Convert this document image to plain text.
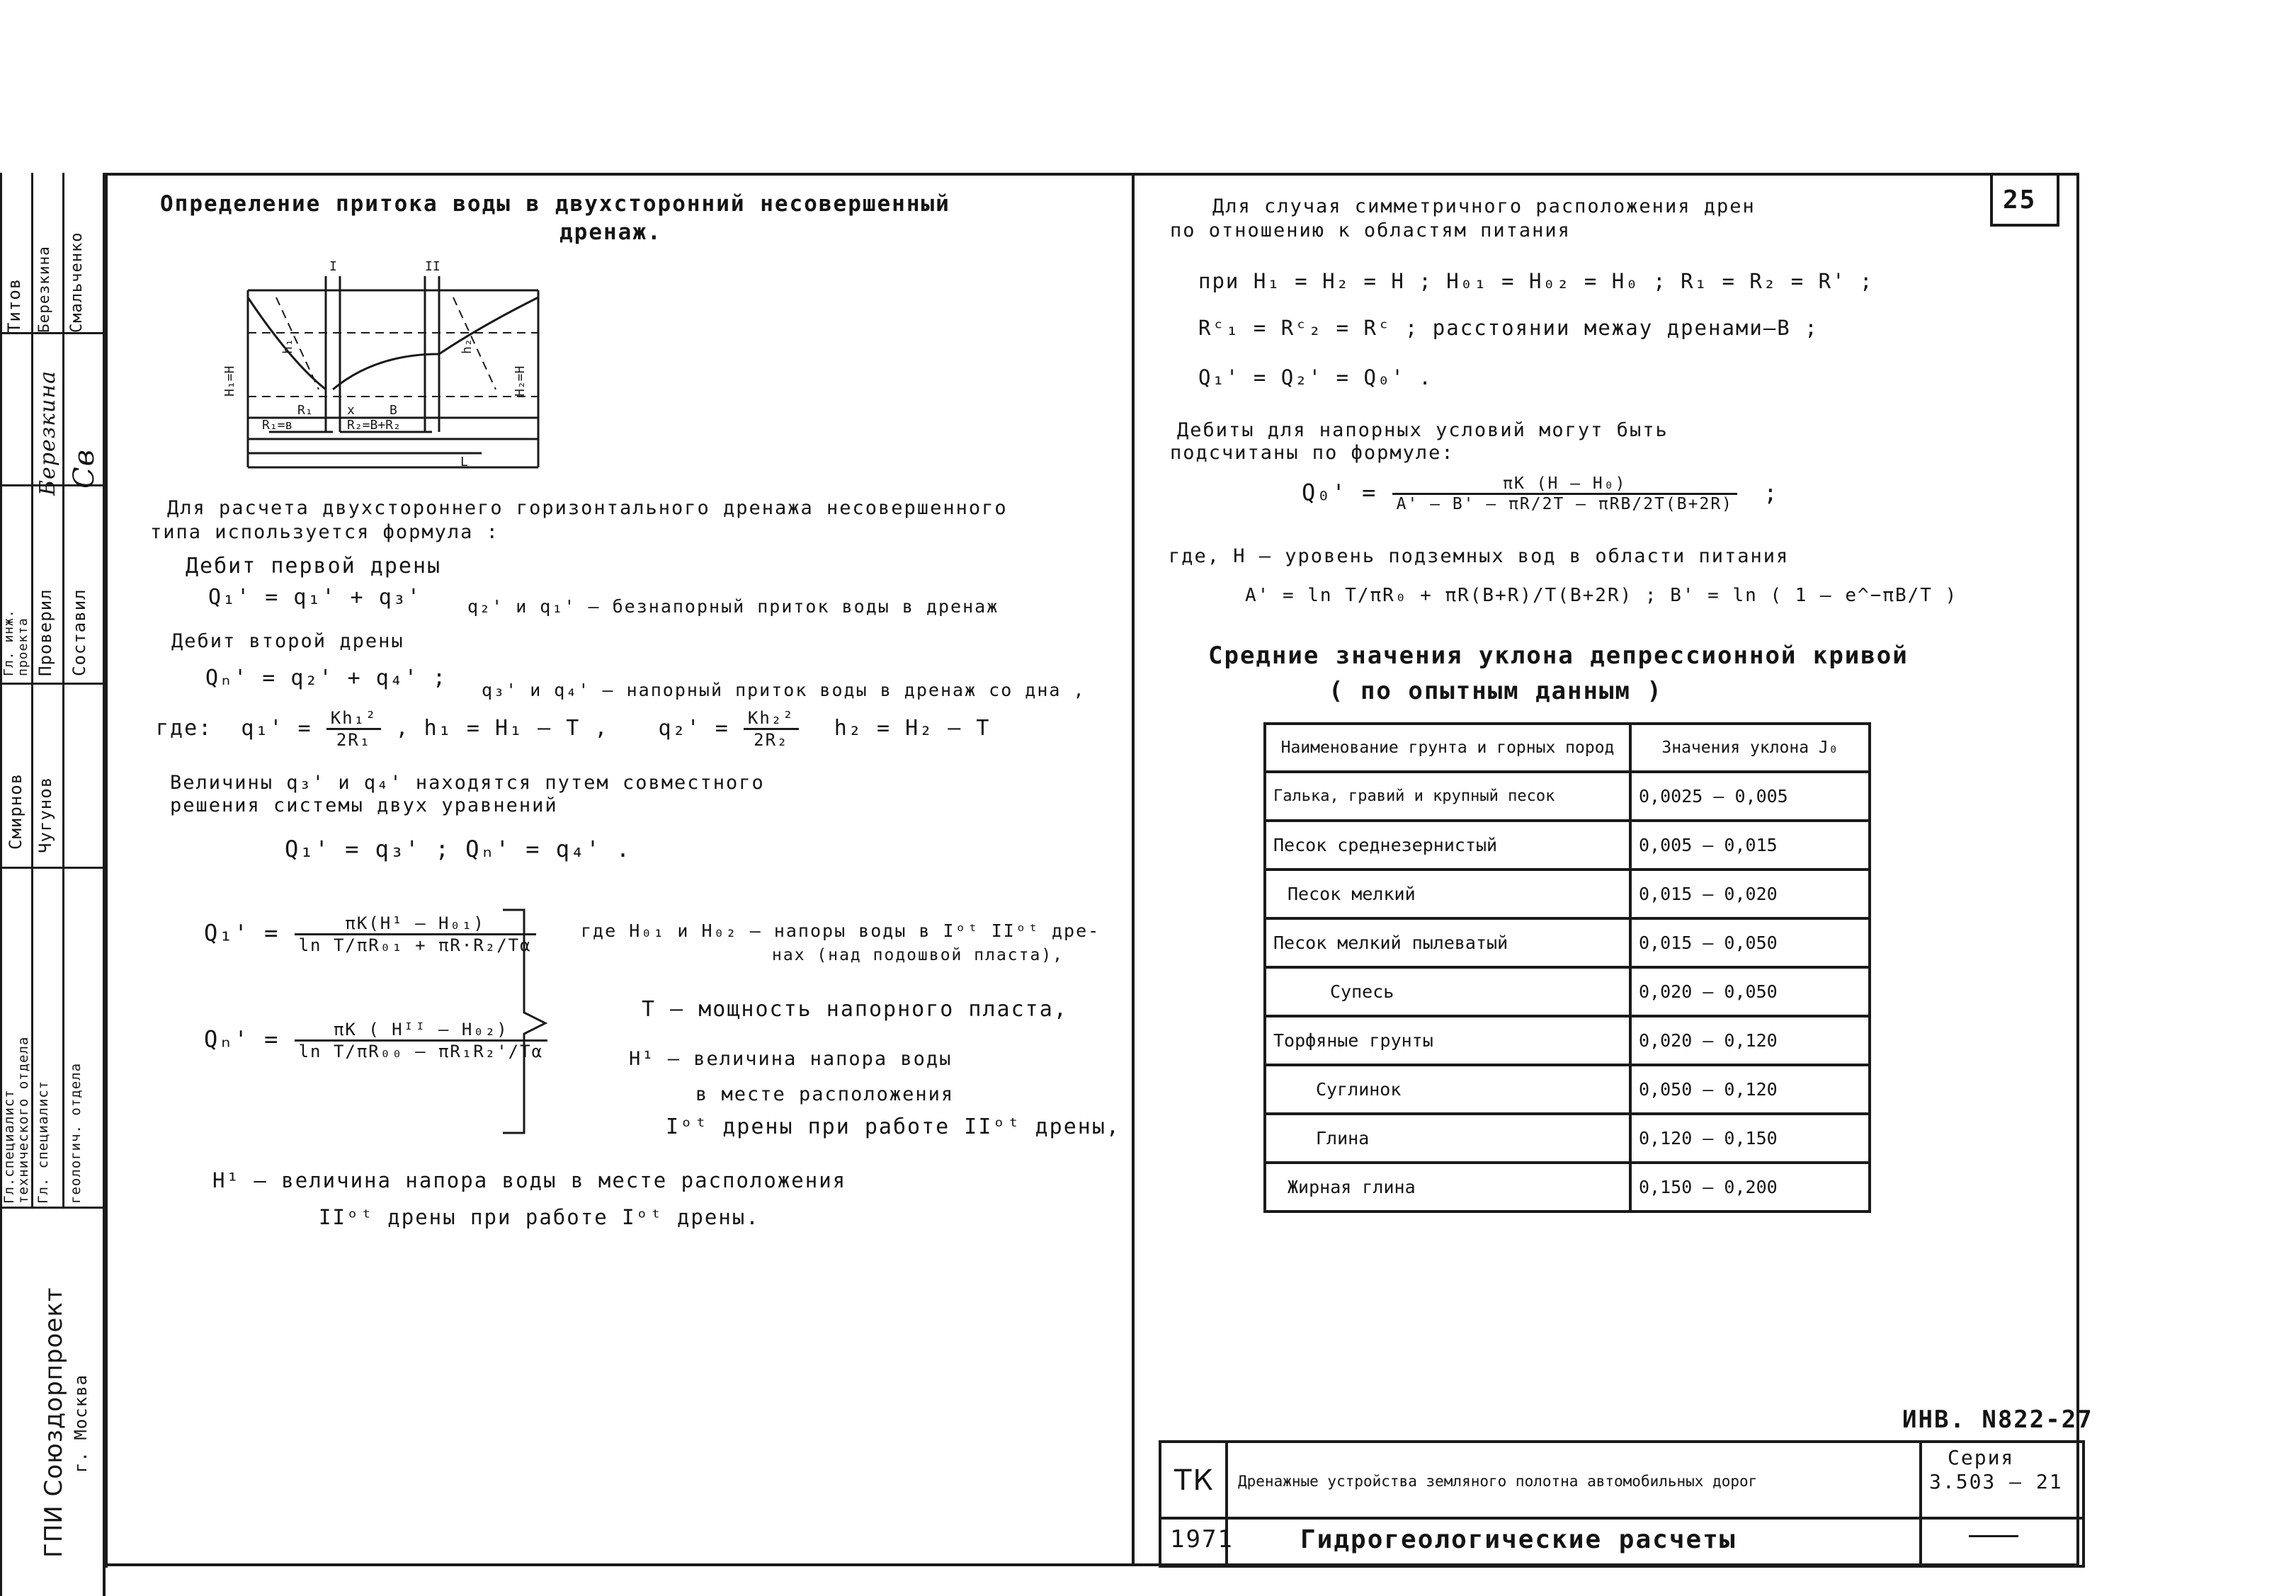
25
Титов
Гл. инж. проекта
Смирнов
Гл.специалист
технического отдела
Березкина
Проверил
Березкина
Чугунов
Гл. специалист
Смальченко
Св
Составил
геологич. отдела
ГПИ Союздорпроект г. Москва
Определение притока воды в двухсторонний несовершенный
дренаж.
I	II
H₁=H
h₁	h₂
H₂=H
R₁	x	B
R₁=в	R₂=B+R₂
L
Для расчета двухстороннего горизонтального дренажа несовершенного
типа используется формула :
Дебит первой дрены
Q₁' = q₁' + q₃'	q₂' и q₁' – безнапорный приток воды в дренаж
Дебит второй дрены
Qₙ' = q₂' + q₄' ; q₃' и q₄' – напорный приток воды в дренаж со дна ,
где: $q_1' = \frac{\text{Kh₁²}}{\text{2R₁}}$ , h₁ = H₁ – T , $q_2' = \frac{\text{Kh₂²}}{\text{2R₂}} h_2 = H_2 - T$
Величины q₃' и q₄' находятся путем совместного
решения системы двух уравнений
Q₁' = q₃' ; Qₙ' = q₄' .
$Q_1' = \frac{\text{πK(H¹ – H₀₁)}}{\text{ln T/πR₀₁ + πR·R₂/Tα}}$
$Q_n' = \frac{\text{πK ( Hᴵᴵ – H₀₂)}}{\text{ln T/πR₀₀ – πR₁R₂'/Tα}}$
где H₀₁ и H₀₂ – напоры воды в Iᵒᵗ IIᵒᵗ дре-
нах (над подошвой пласта),
T – мощность напорного пласта,
H¹ – величина напора воды
в месте расположения
Iᵒᵗ дрены при работе IIᵒᵗ дрены,
H¹ – величина напора воды в месте расположения
IIᵒᵗ дрены при работе Iᵒᵗ дрены.
Для случая симметричного расположения дрен
по отношению к областям питания
при H₁ = H₂ = H ; H₀₁ = H₀₂ = H₀ ; R₁ = R₂ = R' ;
Rᶜ₁ = Rᶜ₂ = Rᶜ ; расстоянии межау дренами–B ;
Q₁' = Q₂' = Q₀' .
Дебиты для напорных условий могут быть
подсчитаны по формуле:
$Q_0' = \frac{\text{πK (H – H₀)}}{\text{A' – B' – πR/2T – πRB/2T(B+2R)}}$ ;
где, H – уровень подземных вод в области питания
A' = ln T/πR₀ + πR(B+R)/T(B+2R) ; B' = ln ( 1 – e^−πB/T )
Средние значения уклона депрессионной кривой
( по опытным данным )
Наименование грунта и горных пород	Значения уклона J₀
Галька, гравий и крупный песок	0,0025 – 0,005
Песок среднезернистый	0,005 – 0,015
Песок мелкий	0,015 – 0,020
Песок мелкий пылеватый	0,015 – 0,050
Супесь	0,020 – 0,050
Торфяные грунты	0,020 – 0,120
Суглинок	0,050 – 0,120
Глина	0,120 – 0,150
Жирная глина	0,150 – 0,200
ИНВ. N822-27
ТК
1971
Дренажные устройства земляного полотна автомобильных дорог
Гидрогеологические расчеты
Серия
3.503 – 21
